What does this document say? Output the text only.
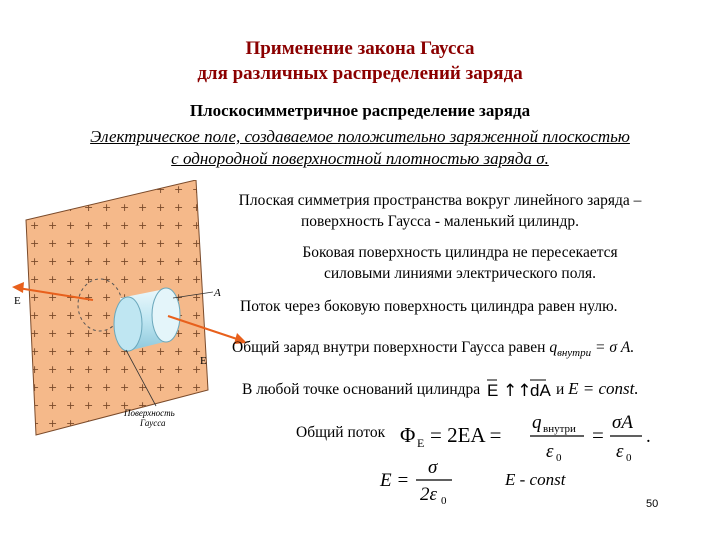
Применение закона Гаусса
для различных распределений заряда
Плоскосимметричное распределение заряда
Электрическое поле, создаваемое положительно заряженной плоскостью
с однородной поверхностной плотностью заряда σ.
A
E
E
Поверхность
Гаусса
Плоская симметрия пространства вокруг линейного заряда –
поверхность Гаусса - маленький цилиндр.
Боковая поверхность цилиндра не пересекается
силовыми линиями электрического поля.
Поток через боковую поверхность цилиндра равен нулю.
Общий заряд внутри поверхности Гаусса равен $q_{внутри} = \sigma$ A.
В любой точке оснований цилиндра E ↑↑
dA и E = const.
Общий поток Φ E = 2EA =
q внутри
ε 0
=
σA
ε 0
.
E =
σ
2ε 0
E - const
50
